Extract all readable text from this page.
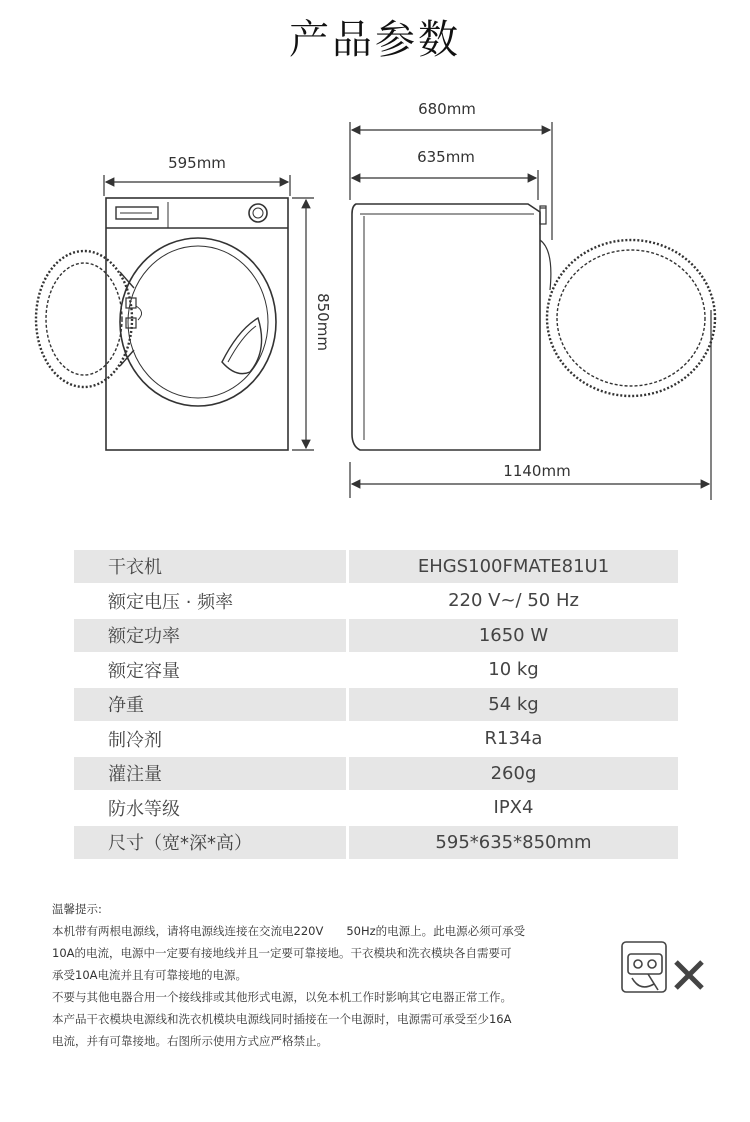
产品参数
595mm
850mm
680mm
635mm
1140mm
干衣机	EHGS100FMATE81U1
额定电压 · 频率	220 V~/ 50 Hz
额定功率	1650 W
额定容量	10 kg
净重	54 kg
制冷剂	R134a
灌注量	260g
防水等级	IPX4
尺寸（宽*深*高）	595*635*850mm

温馨提示:

本机带有两根电源线，请将电源线连接在交流电220V　　50Hz的电源上。此电源必须可承受

10A的电流，电源中一定要有接地线并且一定要可靠接地。干衣模块和洗衣模块各自需要可

承受10A电流并且有可靠接地的电源。

不要与其他电器合用一个接线排或其他形式电源，以免本机工作时影响其它电器正常工作。

本产品干衣模块电源线和洗衣机模块电源线同时插接在一个电源时，电源需可承受至少16A

电流，并有可靠接地。右图所示使用方式应严格禁止。
